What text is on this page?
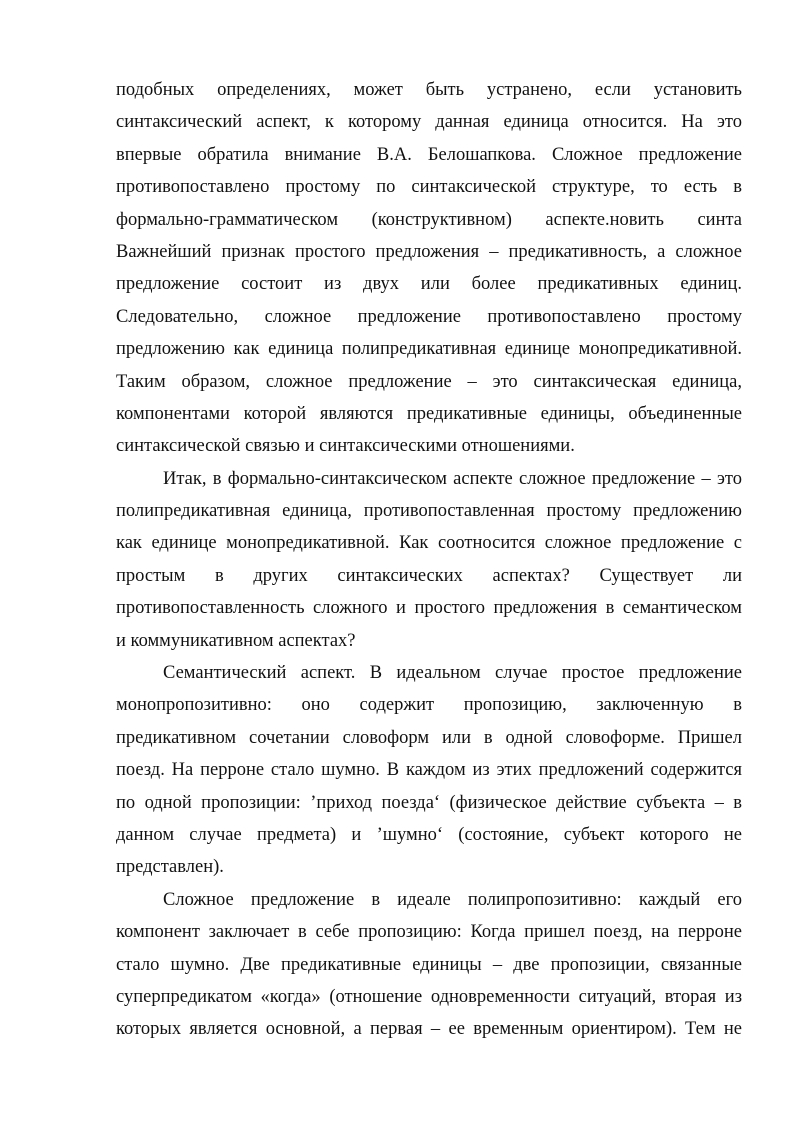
подобных определениях, может быть устранено, если установить
синтаксический аспект, к которому данная единица относится. На это
впервые обратила внимание В.А. Белошапкова. Сложное предложение
противопоставлено простому по синтаксической структуре, то есть в
формально-грамматическом (конструктивном) аспекте.новить синта
Важнейший признак простого предложения – предикативность, а сложное
предложение состоит из двух или более предикативных единиц.
Следовательно, сложное предложение противопоставлено простому
предложению как единица полипредикативная единице монопредикативной.
Таким образом, сложное предложение – это синтаксическая единица,
компонентами которой являются предикативные единицы, объединенные
синтаксической связью и синтаксическими отношениями.
Итак, в формально-синтаксическом аспекте сложное предложение – это
полипредикативная единица, противопоставленная простому предложению
как единице монопредикативной. Как соотносится сложное предложение с
простым в других синтаксических аспектах? Существует ли
противопоставленность сложного и простого предложения в семантическом
и коммуникативном аспектах?
Семантический аспект. В идеальном случае простое предложение
монопропозитивно: оно содержит пропозицию, заключенную в
предикативном сочетании словоформ или в одной словоформе. Пришел
поезд. На перроне стало шумно. В каждом из этих предложений содержится
по одной пропозиции: ’приход поезда‘ (физическое действие субъекта – в
данном случае предмета) и ’шумно‘ (состояние, субъект которого не
представлен).
Сложное предложение в идеале полипропозитивно: каждый его
компонент заключает в себе пропозицию: Когда пришел поезд, на перроне
стало шумно. Две предикативные единицы – две пропозиции, связанные
суперпредикатом «когда» (отношение одновременности ситуаций, вторая из
которых является основной, а первая – ее временным ориентиром). Тем не
